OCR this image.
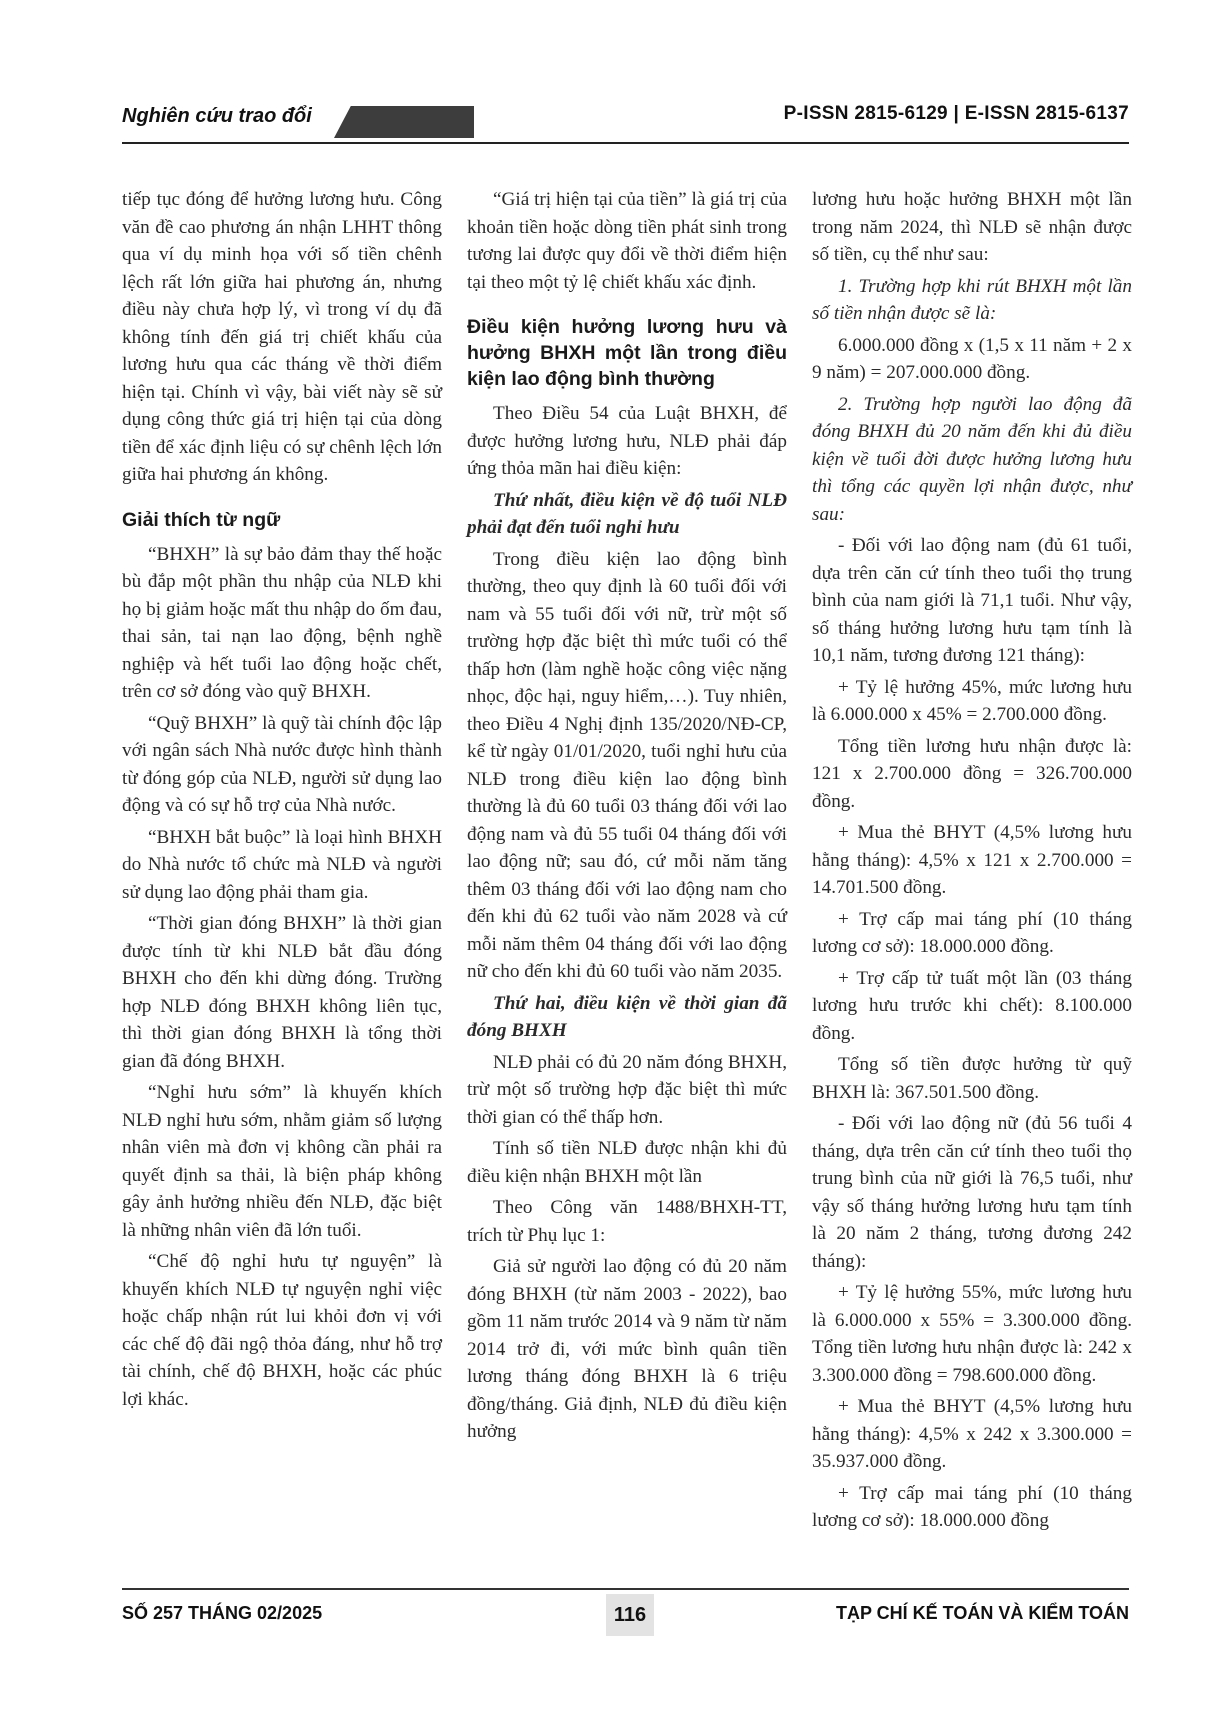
Nghiên cứu trao đổi	P-ISSN 2815-6129 | E-ISSN 2815-6137

tiếp tục đóng để hưởng lương hưu. Công văn đề cao phương án nhận LHHT thông qua ví dụ minh họa với số tiền chênh lệch rất lớn giữa hai phương án, nhưng điều này chưa hợp lý, vì trong ví dụ đã không tính đến giá trị chiết khấu của lương hưu qua các tháng về thời điểm hiện tại. Chính vì vậy, bài viết này sẽ sử dụng công thức giá trị hiện tại của dòng tiền để xác định liệu có sự chênh lệch lớn giữa hai phương án không.

Giải thích từ ngữ

“BHXH” là sự bảo đảm thay thế hoặc bù đắp một phần thu nhập của NLĐ khi họ bị giảm hoặc mất thu nhập do ốm đau, thai sản, tai nạn lao động, bệnh nghề nghiệp và hết tuổi lao động hoặc chết, trên cơ sở đóng vào quỹ BHXH.

“Quỹ BHXH” là quỹ tài chính độc lập với ngân sách Nhà nước được hình thành từ đóng góp của NLĐ, người sử dụng lao động và có sự hỗ trợ của Nhà nước.

“BHXH bắt buộc” là loại hình BHXH do Nhà nước tổ chức mà NLĐ và người sử dụng lao động phải tham gia.

“Thời gian đóng BHXH” là thời gian được tính từ khi NLĐ bắt đầu đóng BHXH cho đến khi dừng đóng. Trường hợp NLĐ đóng BHXH không liên tục, thì thời gian đóng BHXH là tổng thời gian đã đóng BHXH.

“Nghỉ hưu sớm” là khuyến khích NLĐ nghỉ hưu sớm, nhằm giảm số lượng nhân viên mà đơn vị không cần phải ra quyết định sa thải, là biện pháp không gây ảnh hưởng nhiều đến NLĐ, đặc biệt là những nhân viên đã lớn tuổi.

“Chế độ nghỉ hưu tự nguyện” là khuyến khích NLĐ tự nguyện nghỉ việc hoặc chấp nhận rút lui khỏi đơn vị với các chế độ đãi ngộ thỏa đáng, như hỗ trợ tài chính, chế độ BHXH, hoặc các phúc lợi khác.

“Giá trị hiện tại của tiền” là giá trị của khoản tiền hoặc dòng tiền phát sinh trong tương lai được quy đổi về thời điểm hiện tại theo một tỷ lệ chiết khấu xác định.

Điều kiện hưởng lương hưu và hưởng BHXH một lần trong điều kiện lao động bình thường

Theo Điều 54 của Luật BHXH, để được hưởng lương hưu, NLĐ phải đáp ứng thỏa mãn hai điều kiện:

Thứ nhất, điều kiện về độ tuổi NLĐ phải đạt đến tuổi nghỉ hưu

Trong điều kiện lao động bình thường, theo quy định là 60 tuổi đối với nam và 55 tuổi đối với nữ, trừ một số trường hợp đặc biệt thì mức tuổi có thể thấp hơn (làm nghề hoặc công việc nặng nhọc, độc hại, nguy hiểm,…). Tuy nhiên, theo Điều 4 Nghị định 135/2020/NĐ-CP, kể từ ngày 01/01/2020, tuổi nghỉ hưu của NLĐ trong điều kiện lao động bình thường là đủ 60 tuổi 03 tháng đối với lao động nam và đủ 55 tuổi 04 tháng đối với lao động nữ; sau đó, cứ mỗi năm tăng thêm 03 tháng đối với lao động nam cho đến khi đủ 62 tuổi vào năm 2028 và cứ mỗi năm thêm 04 tháng đối với lao động nữ cho đến khi đủ 60 tuổi vào năm 2035.

Thứ hai, điều kiện về thời gian đã đóng BHXH

NLĐ phải có đủ 20 năm đóng BHXH, trừ một số trường hợp đặc biệt thì mức thời gian có thể thấp hơn.

Tính số tiền NLĐ được nhận khi đủ điều kiện nhận BHXH một lần

Theo Công văn 1488/BHXH-TT, trích từ Phụ lục 1:

Giả sử người lao động có đủ 20 năm đóng BHXH (từ năm 2003 - 2022), bao gồm 11 năm trước 2014 và 9 năm từ năm 2014 trở đi, với mức bình quân tiền lương tháng đóng BHXH là 6 triệu đồng/tháng. Giả định, NLĐ đủ điều kiện hưởng

lương hưu hoặc hưởng BHXH một lần trong năm 2024, thì NLĐ sẽ nhận được số tiền, cụ thể như sau:

1. Trường hợp khi rút BHXH một lần số tiền nhận được sẽ là:

6.000.000 đồng x (1,5 x 11 năm + 2 x 9 năm) = 207.000.000 đồng.

2. Trường hợp người lao động đã đóng BHXH đủ 20 năm đến khi đủ điều kiện về tuổi đời được hưởng lương hưu thì tổng các quyền lợi nhận được, như sau:

- Đối với lao động nam (đủ 61 tuổi, dựa trên căn cứ tính theo tuổi thọ trung bình của nam giới là 71,1 tuổi. Như vậy, số tháng hưởng lương hưu tạm tính là 10,1 năm, tương đương 121 tháng):

+ Tỷ lệ hưởng 45%, mức lương hưu là 6.000.000 x 45% = 2.700.000 đồng.

Tổng tiền lương hưu nhận được là: 121 x 2.700.000 đồng = 326.700.000 đồng.

+ Mua thẻ BHYT (4,5% lương hưu hằng tháng): 4,5% x 121 x 2.700.000 = 14.701.500 đồng.

+ Trợ cấp mai táng phí (10 tháng lương cơ sở): 18.000.000 đồng.

+ Trợ cấp tử tuất một lần (03 tháng lương hưu trước khi chết): 8.100.000 đồng.

Tổng số tiền được hưởng từ quỹ BHXH là: 367.501.500 đồng.

- Đối với lao động nữ (đủ 56 tuổi 4 tháng, dựa trên căn cứ tính theo tuổi thọ trung bình của nữ giới là 76,5 tuổi, như vậy số tháng hưởng lương hưu tạm tính là 20 năm 2 tháng, tương đương 242 tháng):

+ Tỷ lệ hưởng 55%, mức lương hưu là 6.000.000 x 55% = 3.300.000 đồng. Tổng tiền lương hưu nhận được là: 242 x 3.300.000 đồng = 798.600.000 đồng.

+ Mua thẻ BHYT (4,5% lương hưu hằng tháng): 4,5% x 242 x 3.300.000 = 35.937.000 đồng.

+ Trợ cấp mai táng phí (10 tháng lương cơ sở): 18.000.000 đồng

SỐ 257 THÁNG 02/2025	116	TẠP CHÍ KẾ TOÁN VÀ KIỂM TOÁN
